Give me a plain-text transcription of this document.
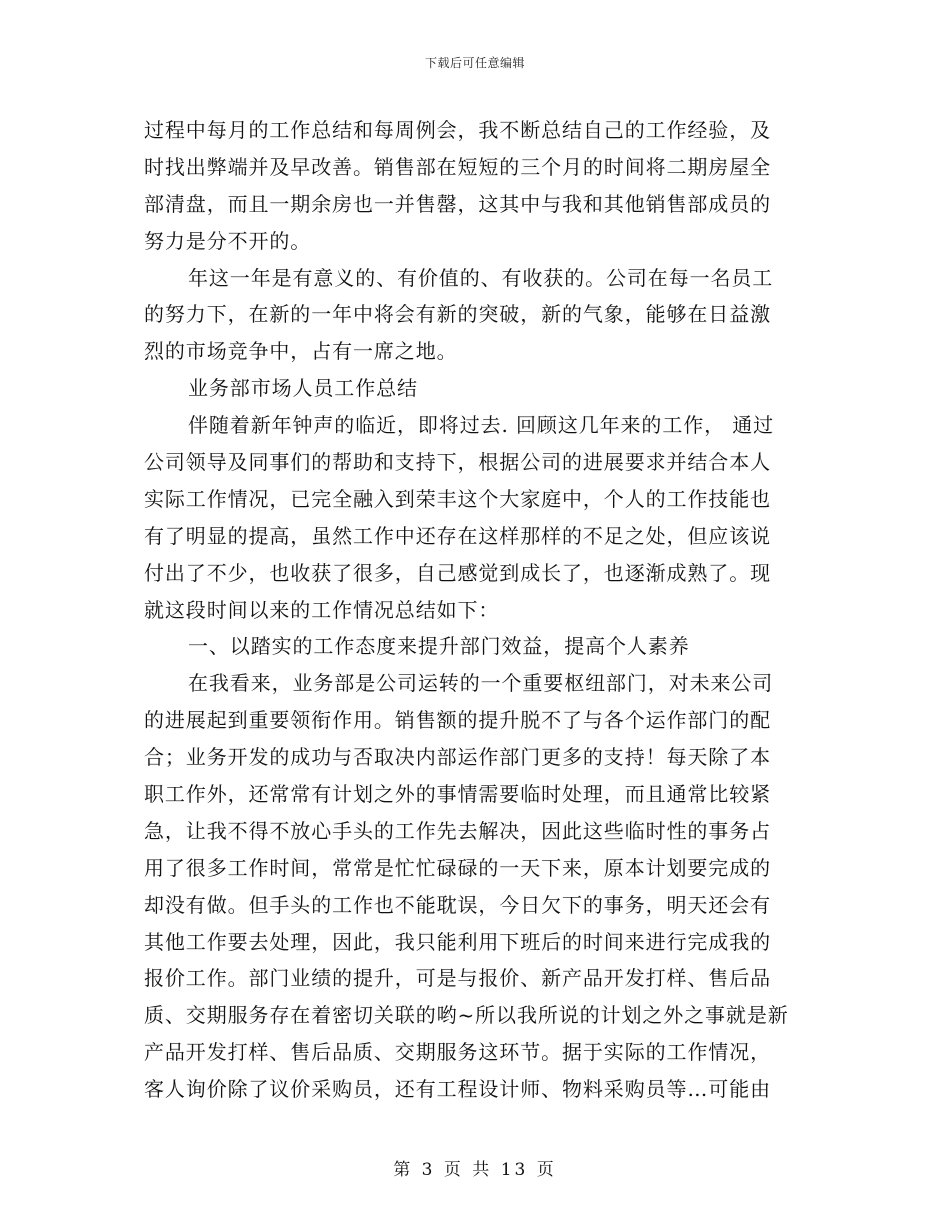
下载后可任意编辑
过程中每月的工作总结和每周例会，我不断总结自己的工作经验，及
时找出弊端并及早改善。销售部在短短的三个月的时间将二期房屋全
部清盘，而且一期余房也一并售罄，这其中与我和其他销售部成员的
努力是分不开的。
年这一年是有意义的、有价值的、有收获的。公司在每一名员工
的努力下，在新的一年中将会有新的突破，新的气象，能够在日益激
烈的市场竞争中，占有一席之地。
业务部市场人员工作总结
伴随着新年钟声的临近，即将过去. 回顾这几年来的工作， 通过
公司领导及同事们的帮助和支持下，根据公司的进展要求并结合本人
实际工作情况，已完全融入到荣丰这个大家庭中，个人的工作技能也
有了明显的提高，虽然工作中还存在这样那样的不足之处，但应该说
付出了不少，也收获了很多，自己感觉到成长了，也逐渐成熟了。现
就这段时间以来的工作情况总结如下：
一、以踏实的工作态度来提升部门效益，提高个人素养
在我看来，业务部是公司运转的一个重要枢纽部门，对未来公司
的进展起到重要领衔作用。销售额的提升脱不了与各个运作部门的配
合；业务开发的成功与否取决内部运作部门更多的支持！每天除了本
职工作外，还常常有计划之外的事情需要临时处理，而且通常比较紧
急，让我不得不放心手头的工作先去解决，因此这些临时性的事务占
用了很多工作时间，常常是忙忙碌碌的一天下来，原本计划要完成的
却没有做。但手头的工作也不能耽误，今日欠下的事务，明天还会有
其他工作要去处理，因此，我只能利用下班后的时间来进行完成我的
报价工作。部门业绩的提升，可是与报价、新产品开发打样、售后品
质、交期服务存在着密切关联的哟~所以我所说的计划之外之事就是新
产品开发打样、售后品质、交期服务这环节。据于实际的工作情况，
客人询价除了议价采购员，还有工程设计师、物料采购员等…可能由
第 3 页 共 13 页
